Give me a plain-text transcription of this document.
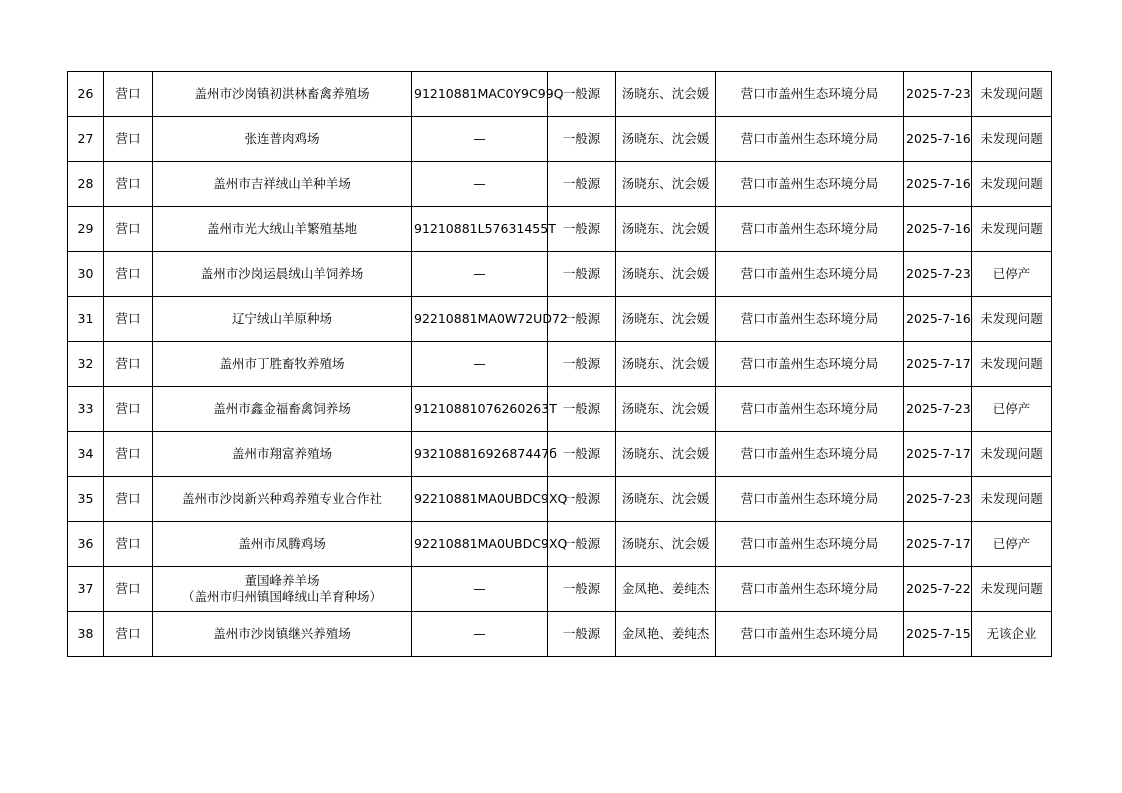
26	营口	盖州市沙岗镇初洪林畜禽养殖场	91210881MAC0Y9C99Q	一般源	汤晓东、沈会媛	营口市盖州生态环境分局	2025-7-23	未发现问题
27	营口	张连普肉鸡场	—	一般源	汤晓东、沈会媛	营口市盖州生态环境分局	2025-7-16	未发现问题
28	营口	盖州市吉祥绒山羊种羊场	—	一般源	汤晓东、沈会媛	营口市盖州生态环境分局	2025-7-16	未发现问题
29	营口	盖州市光大绒山羊繁殖基地	91210881L57631455T	一般源	汤晓东、沈会媛	营口市盖州生态环境分局	2025-7-16	未发现问题
30	营口	盖州市沙岗运晨绒山羊饲养场	—	一般源	汤晓东、沈会媛	营口市盖州生态环境分局	2025-7-23	已停产
31	营口	辽宁绒山羊原种场	92210881MA0W72UD72	一般源	汤晓东、沈会媛	营口市盖州生态环境分局	2025-7-16	未发现问题
32	营口	盖州市丁胜畜牧养殖场	—	一般源	汤晓东、沈会媛	营口市盖州生态环境分局	2025-7-17	未发现问题
33	营口	盖州市鑫金福畜禽饲养场	91210881076260263T	一般源	汤晓东、沈会媛	营口市盖州生态环境分局	2025-7-23	已停产
34	营口	盖州市翔富养殖场	93210881692687447б	一般源	汤晓东、沈会媛	营口市盖州生态环境分局	2025-7-17	未发现问题
35	营口	盖州市沙岗新兴种鸡养殖专业合作社	92210881MA0UBDC9XQ	一般源	汤晓东、沈会媛	营口市盖州生态环境分局	2025-7-23	未发现问题
36	营口	盖州市凤腾鸡场	92210881MA0UBDC9XQ	一般源	汤晓东、沈会媛	营口市盖州生态环境分局	2025-7-17	已停产
37	营口	董国峰养羊场
（盖州市归州镇国峰绒山羊育种场）	—	一般源	金凤艳、姜纯杰	营口市盖州生态环境分局	2025-7-22	未发现问题
38	营口	盖州市沙岗镇继兴养殖场	—	一般源	金凤艳、姜纯杰	营口市盖州生态环境分局	2025-7-15	无该企业
